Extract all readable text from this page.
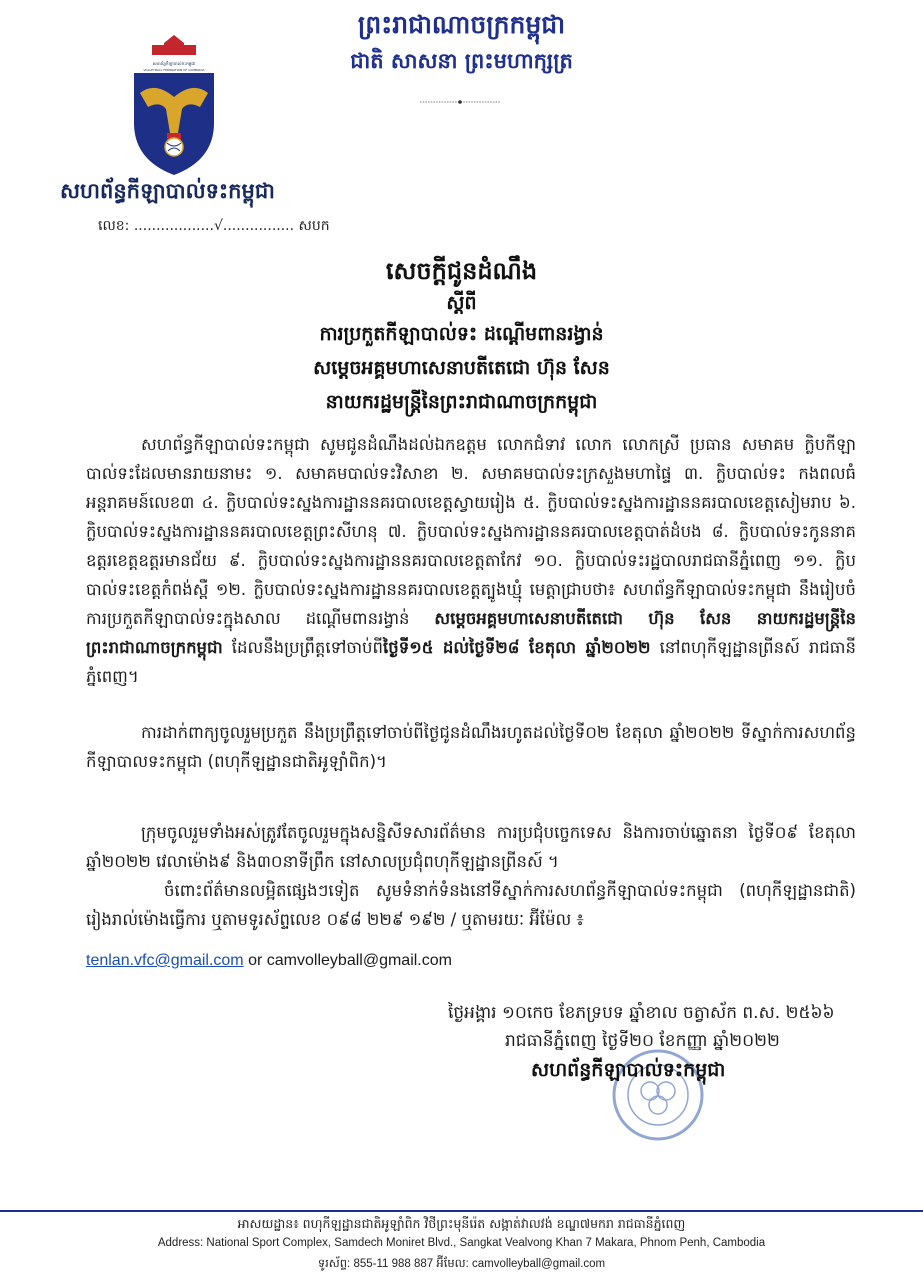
ព្រះរាជាណាចក្រកម្ពុជា
ជាតិ សាសនា ព្រះមហាក្សត្រ
សហព័ន្ធកីឡាបាល់ទះកម្ពុជា
VOLLEYBALL FEDERATION OF CAMBODIA
សហព័ន្ធកីឡាបាល់ទះកម្ពុជា
លេខ: ..................√................ សបក
សេចក្តីជូនដំណឹង
ស្តីពី
ការប្រកួតកីឡាបាល់ទះ ដណ្តើមពានរង្វាន់
សម្តេចអគ្គមហាសេនាបតីតេជោ ហ៊ុន សែន
នាយករដ្ឋមន្ត្រីនៃព្រះរាជាណាចក្រកម្ពុជា
សហព័ន្ធកីឡាបាល់ទះកម្ពុជា សូមជូនដំណឹងដល់ឯកឧត្តម លោកជំទាវ លោក លោកស្រី ប្រធាន សមាគម ក្លិបកីឡាបាល់ទះដែលមានរាយនាមះ ១. សមាគមបាល់ទះវិសាខា ២. សមាគមបាល់ទះក្រសួងមហាផ្ទៃ ៣. ក្លិបបាល់ទះ កងពលធំអន្តរាគមន៍លេខ៣ ៤. ក្លិបបាល់ទះស្នងការដ្ឋាននគរបាលខេត្តស្វាយរៀង ៥. ក្លិបបាល់ទះស្នងការដ្ឋាននគរបាលខេត្តសៀមរាប ៦. ក្លិបបាល់ទះស្នងការដ្ឋាននគរបាលខេត្តព្រះសីហនុ ៧. ក្លិបបាល់ទះស្នងការដ្ឋាននគរបាលខេត្តបាត់ដំបង ៨. ក្លិបបាល់ទះកូននាគឧត្តរខេត្តឧត្តរមានជ័យ ៩. ក្លិបបាល់ទះស្នងការដ្ឋាននគរបាលខេត្តតាកែវ ១០. ក្លិបបាល់ទះរដ្ឋបាលរាជធានីភ្នំពេញ ១១. ក្លិបបាល់ទះខេត្តកំពង់ស្ពឺ ១២. ក្លិបបាល់ទះស្នងការដ្ឋាននគរបាលខេត្តត្បូងឃ្មុំ មេត្តាជ្រាបថា៖ សហព័ន្ធកីឡាបាល់ទះកម្ពុជា នឹងរៀបចំការប្រកួតកីឡាបាល់ទះក្នុងសាល ដណ្តើមពានរង្វាន់ សម្តេចអគ្គមហាសេនាបតីតេជោ ហ៊ុន សែន នាយករដ្ឋមន្ត្រីនៃព្រះរាជាណាចក្រកម្ពុជា ដែលនឹងប្រព្រឹត្តទៅចាប់ពីថ្ងៃទី១៥ ដល់ថ្ងៃទី២៨ ខែតុលា ឆ្នាំ២០២២ នៅពហុកីឡដ្ឋានព្រីនស៍ រាជធានីភ្នំពេញ។
ការដាក់ពាក្យចូលរួមប្រកួត នឹងប្រព្រឹត្តទៅចាប់ពីថ្ងៃជូនដំណឹងរហូតដល់ថ្ងៃទី០២ ខែតុលា ឆ្នាំ២០២២ ទីស្នាក់ការសហព័ន្ធកីឡាបាលទះកម្ពុជា (ពហុកីឡដ្ឋានជាតិអូឡាំពិក)។
ក្រុមចូលរួមទាំងអស់ត្រូវតែចូលរួមក្នុងសន្និសីទសារព័ត៌មាន ការប្រជុំបច្ចេកទេស និងការចាប់ឆ្នោតនា ថ្ងៃទី០៩ ខែតុលា ឆ្នាំ២០២២ វេលាម៉ោង៩ និង៣០នាទីព្រឹក នៅសាលប្រជុំពហុកីឡដ្ឋានព្រីនស៍ ។
ចំពោះព័ត៌មានលម្អិតផ្សេងៗទៀត សូមទំនាក់ទំនងនៅទីស្នាក់ការសហព័ន្ធកីឡាបាល់ទះកម្ពុជា (ពហុកីឡដ្ឋានជាតិ) រៀងរាល់ម៉ោងធ្វើការ ឬតាមទូរស័ព្ទលេខ ០៩៨ ២២៩ ១៩២ / ឬតាមរយៈ អ៊ីម៉ែល ៖
tenlan.vfc@gmail.com or camvolleyball@gmail.com
ថ្ងៃអង្គារ ១០កេច ខែភទ្របទ ឆ្នាំខាល ចត្វាស័ក ព.ស. ២៥៦៦
រាជធានីភ្នំពេញ ថ្ងៃទី២០ ខែកញ្ញា ឆ្នាំ២០២២
សហព័ន្ធកីឡាបាល់ទះកម្ពុជា
អាសយដ្ឋាន៖ ពហុកីឡដ្ឋានជាតិអូឡាំពិក វិថីព្រះមុនីរ៉េត សង្កាត់វាលវង់ ខណ្ឌ៧មករា រាជធានីភ្នំពេញ
Address: National Sport Complex, Samdech Moniret Blvd., Sangkat Vealvong Khan 7 Makara, Phnom Penh, Cambodia
ទូរស័ព្ទ: 855-11 988 887 អ៊ីមែល: camvolleyball@gmail.com
